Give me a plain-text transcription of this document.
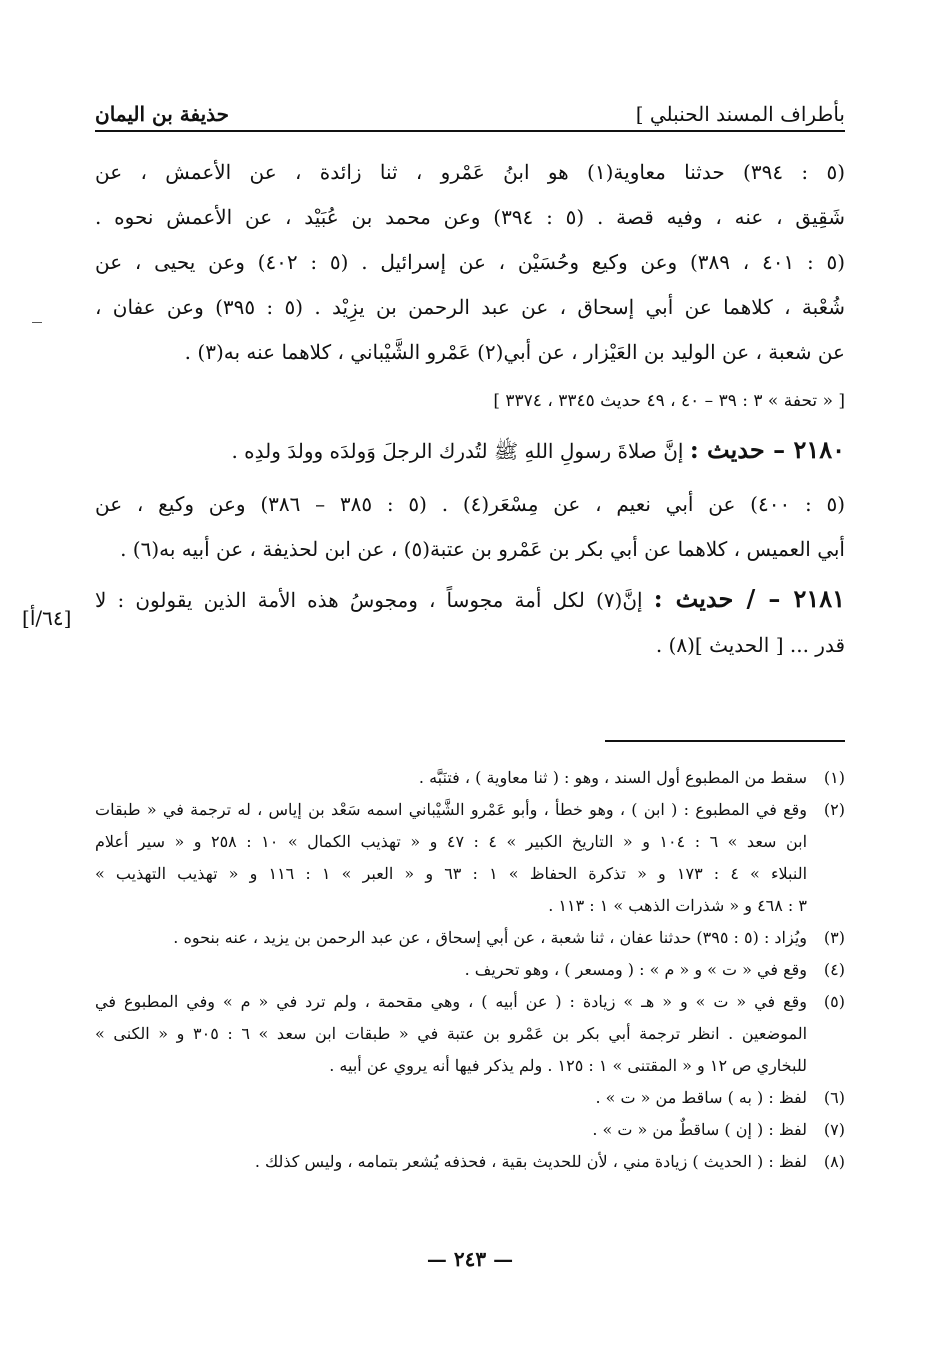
بأطراف المسند الحنبلي ]
حذيفة بن اليمان
(٥ : ٣٩٤) حدثنا معاوية(١) هو ابنُ عَمْرو ، ثنا زائدة ، عن الأعمش ، عن
شَقِيق ، عنه ، وفيه قصة . (٥ : ٣٩٤) وعن محمد بن عُبَيْد ، عن الأعمش نحوه .
(٥ : ٤٠١ ، ٣٨٩) وعن وكيع وحُسَيْن ، عن إسرائيل . (٥ : ٤٠٢) وعن يحيى ، عن
شُعْبة ، كلاهما عن أبي إسحاق ، عن عبد الرحمن بن يزِيْد . (٥ : ٣٩٥) وعن عفان ،
عن شعبة ، عن الوليد بن العَيْزار ، عن أبي(٢) عَمْرو الشَّيْباني ، كلاهما عنه به(٣) .
[ « تحفة » ٣ : ٣٩ – ٤٠ ، ٤٩ حديث ٣٣٤٥ ، ٣٣٧٤ ]
٢١٨٠ – حديث : إنَّ صلاةَ رسولِ اللهِ ﷺ لتُدرك الرجلَ وَولدَه وولدَ ولدِه .
(٥ : ٤٠٠) عن أبي نعيم ، عن مِسْعَر(٤) . (٥ : ٣٨٥ – ٣٨٦) وعن وكيع ، عن
أبي العميس ، كلاهما عن أبي بكر بن عَمْرو بن عتبة(٥) ، عن ابن لحذيفة ، عن أبيه به(٦) .
٢١٨١ – / حديث : إنَّ(٧) لكل أمة مجوساً ، ومجوسُ هذه الأمة الذين يقولون : لا
قدر ... [ الحديث ](٨) .
[٦٤/أ]
(١)
سقط من المطبوع أول السند ، وهو : ( ثنا معاوية ) ، فتنَبَّه .
(٢)
وقع في المطبوع : ( ابن ) ، وهو خطأ ، وأبو عَمْرو الشَّيْباني اسمه سَعْد بن إياس ، له ترجمة في « طبقات
ابن سعد » ٦ : ١٠٤ و « التاريخ الكبير » ٤ : ٤٧ و « تهذيب الكمال » ١٠ : ٢٥٨ و « سير أعلام
النبلاء » ٤ : ١٧٣ و « تذكرة الحفاظ » ١ : ٦٣ و « العبر » ١ : ١١٦ و « تهذيب التهذيب »
٣ : ٤٦٨ و « شذرات الذهب » ١ : ١١٣ .
(٣)
ويُزاد : (٥ : ٣٩٥) حدثنا عفان ، ثنا شعبة ، عن أبي إسحاق ، عن عبد الرحمن بن يزيد ، عنه بنحوه .
(٤)
وقع في « ت » و « م » : ( ومسعر ) ، وهو تحريف .
(٥)
وقع في « ت » و « هـ » زيادة : ( عن أبيه ) ، وهي مقحمة ، ولم ترد في « م » وفي المطبوع في
الموضعين . انظر ترجمة أبي بكر بن عَمْرو بن عتبة في « طبقات ابن سعد » ٦ : ٣٠٥ و « الكنى »
للبخاري ص ١٢ و « المقتنى » ١ : ١٢٥ . ولم يذكر فيها أنه يروي عن أبيه .
(٦)
لفظ : ( به ) ساقط من « ت » .
(٧)
لفظ : ( إن ) ساقطٌ من « ت » .
(٨)
لفظ : ( الحديث ) زيادة مني ، لأن للحديث بقية ، فحذفه يُشعر بتمامه ، وليس كذلك .
— ٢٤٣ —
